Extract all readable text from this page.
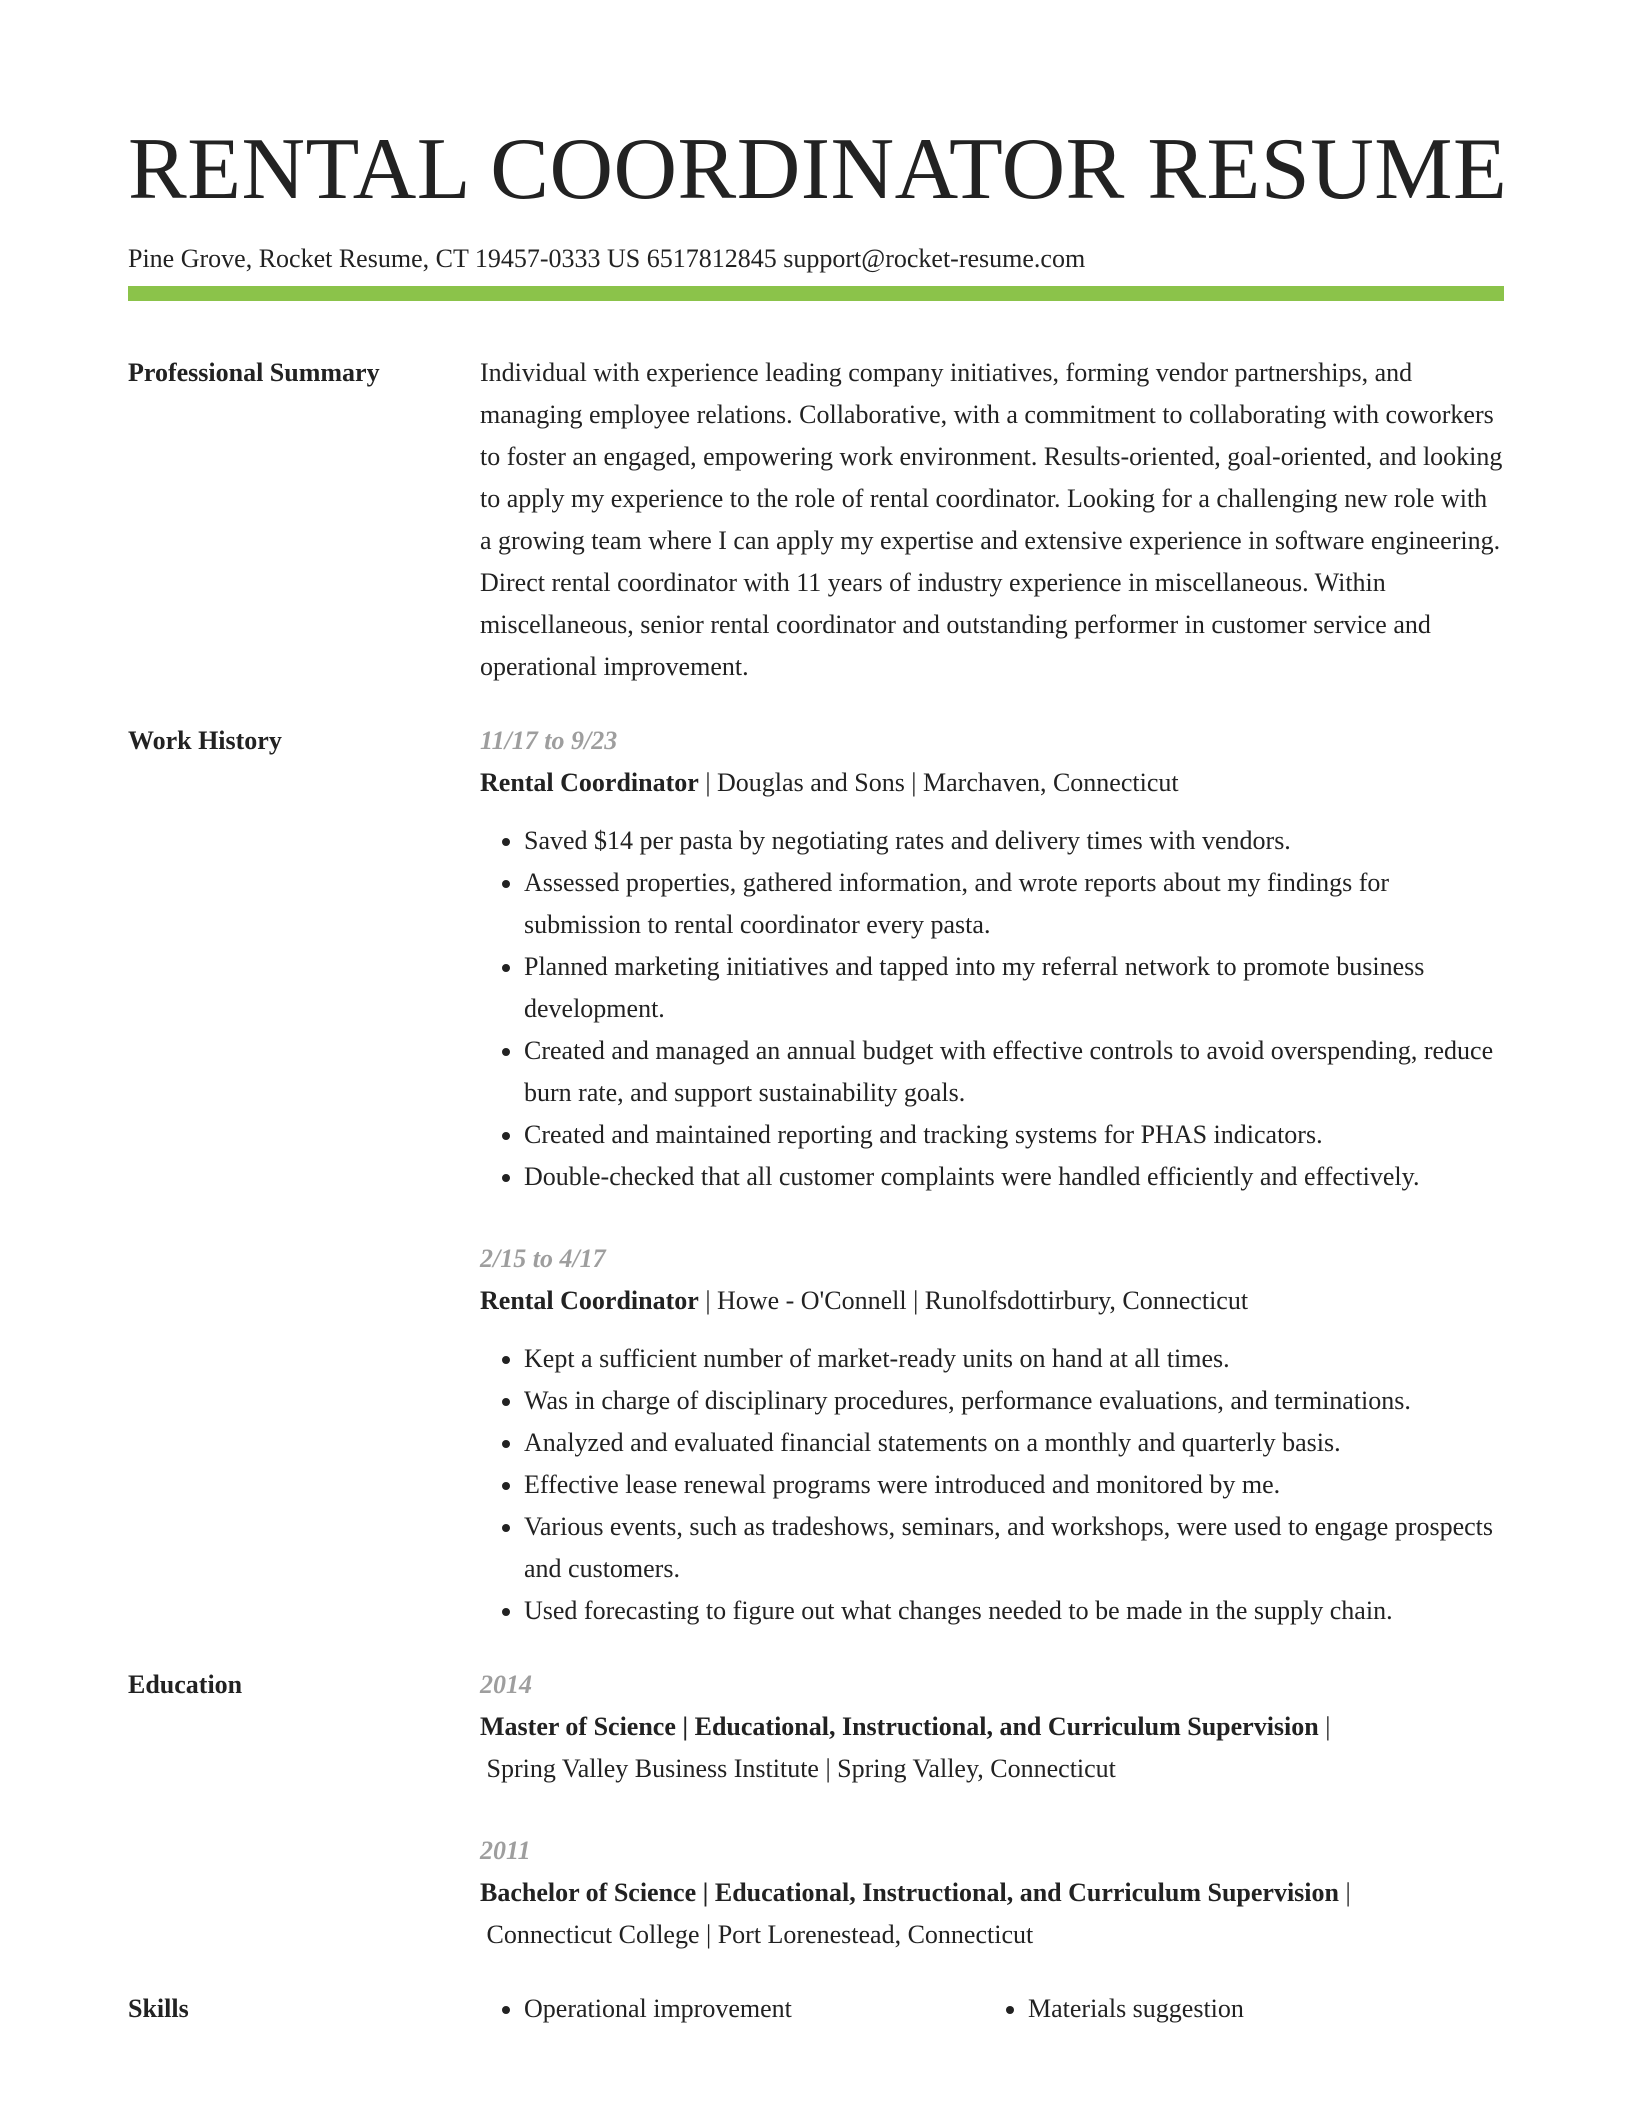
RENTAL COORDINATOR RESUME
Pine Grove, Rocket Resume, CT 19457-0333 US 6517812845 support@rocket-resume.com
Professional Summary	Individual with experience leading company initiatives, forming vendor partnerships, and managing employee relations. Collaborative, with a commitment to collaborating with coworkers to foster an engaged, empowering work environment. Results-oriented, goal-oriented, and looking to apply my experience to the role of rental coordinator. Looking for a challenging new role with a growing team where I can apply my expertise and extensive experience in software engineering. Direct rental coordinator with 11 years of industry experience in miscellaneous. Within miscellaneous, senior rental coordinator and outstanding performer in customer service and operational improvement.

Work History	11/17 to 9/23
Rental Coordinator | Douglas and Sons | Marchaven, Connecticut
• Saved $14 per pasta by negotiating rates and delivery times with vendors.
• Assessed properties, gathered information, and wrote reports about my findings for submission to rental coordinator every pasta.
• Planned marketing initiatives and tapped into my referral network to promote business development.
• Created and managed an annual budget with effective controls to avoid overspending, reduce burn rate, and support sustainability goals.
• Created and maintained reporting and tracking systems for PHAS indicators.
• Double-checked that all customer complaints were handled efficiently and effectively.
2/15 to 4/17
Rental Coordinator | Howe - O'Connell | Runolfsdottirbury, Connecticut
• Kept a sufficient number of market-ready units on hand at all times.
• Was in charge of disciplinary procedures, performance evaluations, and terminations.
• Analyzed and evaluated financial statements on a monthly and quarterly basis.
• Effective lease renewal programs were introduced and monitored by me.
• Various events, such as tradeshows, seminars, and workshops, were used to engage prospects and customers.
• Used forecasting to figure out what changes needed to be made in the supply chain.
Education	2014
Master of Science | Educational, Instructional, and Curriculum Supervision |
Spring Valley Business Institute | Spring Valley, Connecticut
2011
Bachelor of Science | Educational, Instructional, and Curriculum Supervision |
Connecticut College | Port Lorenestead, Connecticut
Skills	• Operational improvement	• Materials suggestion
